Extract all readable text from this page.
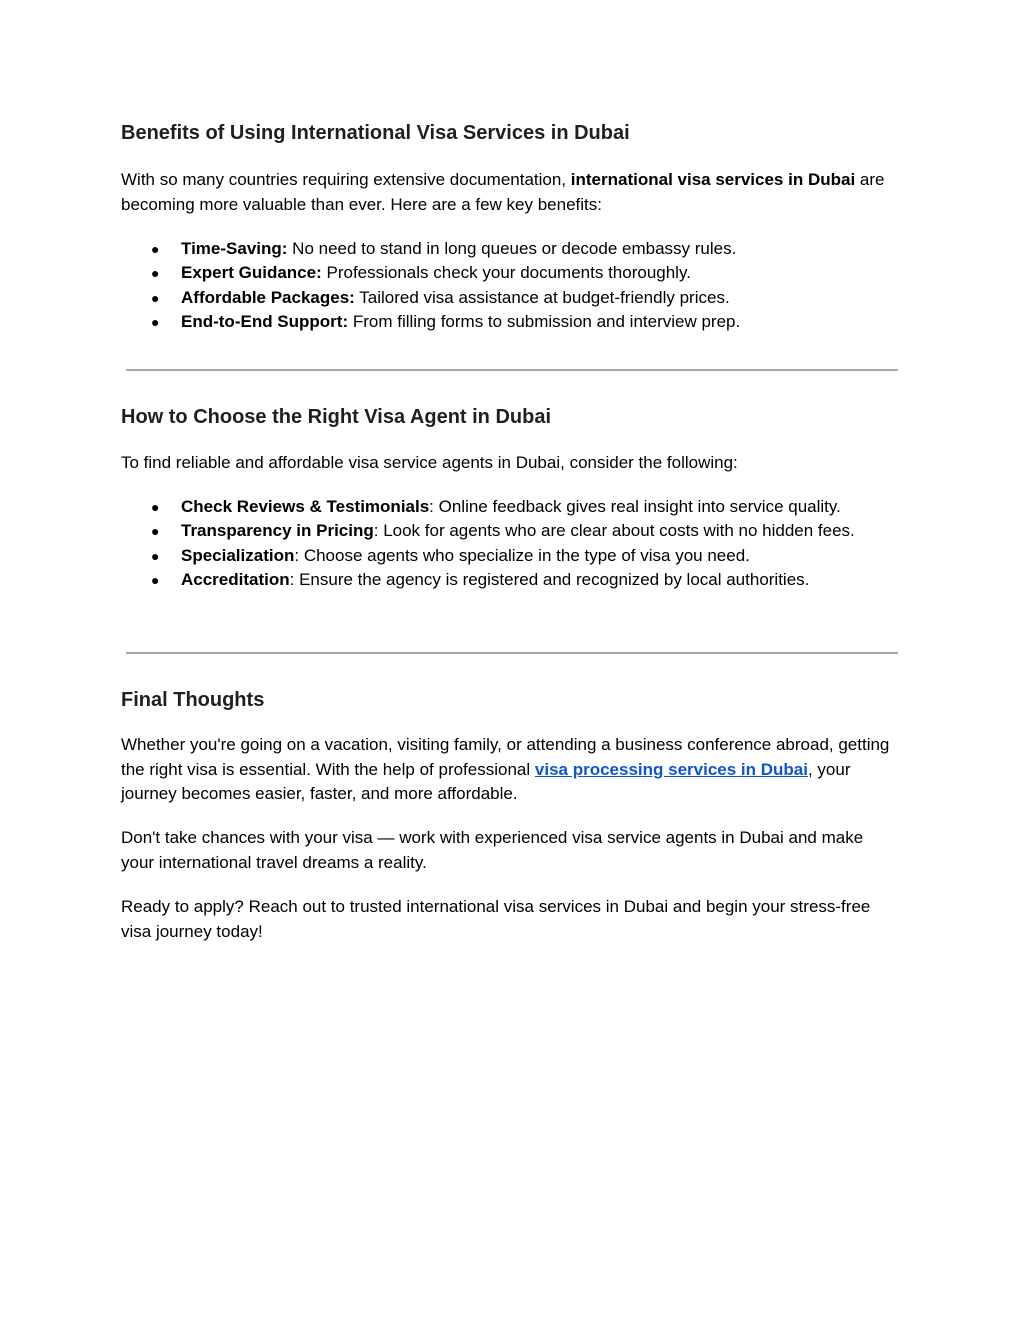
Benefits of Using International Visa Services in Dubai

With so many countries requiring extensive documentation, international visa services in Dubai are becoming more valuable than ever. Here are a few key benefits:

● Time-Saving: No need to stand in long queues or decode embassy rules.
● Expert Guidance: Professionals check your documents thoroughly.
● Affordable Packages: Tailored visa assistance at budget-friendly prices.
● End-to-End Support: From filling forms to submission and interview prep.
How to Choose the Right Visa Agent in Dubai

To find reliable and affordable visa service agents in Dubai, consider the following:

● Check Reviews & Testimonials: Online feedback gives real insight into service quality.
● Transparency in Pricing: Look for agents who are clear about costs with no hidden fees.
● Specialization: Choose agents who specialize in the type of visa you need.
● Accreditation: Ensure the agency is registered and recognized by local authorities.
Final Thoughts

Whether you're going on a vacation, visiting family, or attending a business conference abroad, getting the right visa is essential. With the help of professional visa processing services in Dubai, your journey becomes easier, faster, and more affordable.

Don't take chances with your visa — work with experienced visa service agents in Dubai and make your international travel dreams a reality.

Ready to apply? Reach out to trusted international visa services in Dubai and begin your stress-free visa journey today!
